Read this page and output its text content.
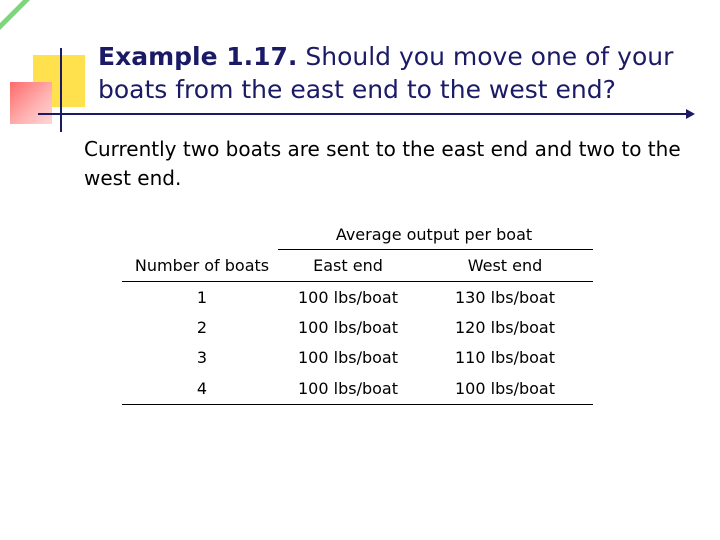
Example 1.17. Should you move one of your boats from the east end to the west end?
Currently two boats are sent to the east end and two to the west end.
Average output per boat
Number of boats	East end	West end
1	100 lbs/boat	130 lbs/boat
2	100 lbs/boat	120 lbs/boat
3	100 lbs/boat	110 lbs/boat
4	100 lbs/boat	100 lbs/boat
